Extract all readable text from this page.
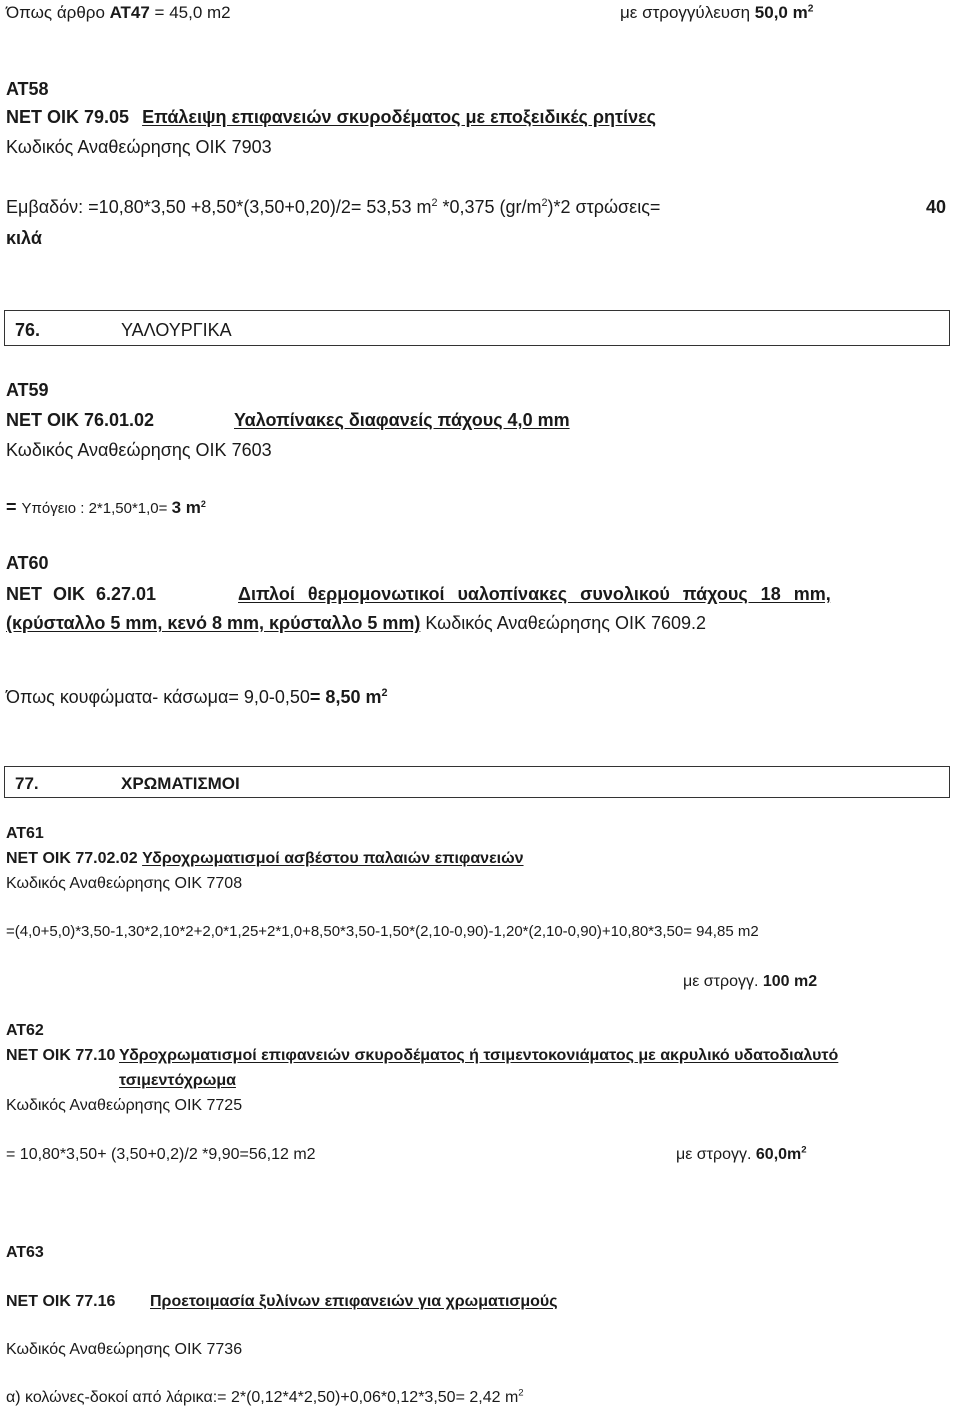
Όπως άρθρο ΑΤ47 = 45,0 m2	με στρογγύλευση 50,0 $m^2$
ΑΤ58
ΝΕΤ ΟΙΚ 79.05 Επάλειψη επιφανειών σκυροδέματος με εποξειδικές ρητίνες
Κωδικός Αναθεώρησης ΟΙΚ 7903
Εμβαδόν: =10,80*3,50 +8,50*(3,50+0,20)/2= 53,53 $m^2$ *0,375 $(gr/m^2)*2$ στρώσεις=	40
κιλά
76.	ΥΑΛΟΥΡΓΙΚΑ
ΑΤ59
ΝΕΤ ΟΙΚ 76.01.02	Υαλοπίνακες διαφανείς πάχους 4,0 mm
Κωδικός Αναθεώρησης ΟΙΚ 7603
= Υπόγειο : 2*1,50*1,0= 3 $m^2$
ΑΤ60
ΝΕΤ ΟΙΚ 6.27.01	Διπλοί θερμομονωτικοί υαλοπίνακες συνολικού πάχους 18 mm,
(κρύσταλλο 5 mm, κενό 8 mm, κρύσταλλο 5 mm) Κωδικός Αναθεώρησης ΟΙΚ 7609.2
Όπως κουφώματα- κάσωμα= 9,0-0,50= 8,50 $m^2$
77.	ΧΡΩΜΑΤΙΣΜΟΙ
ΑΤ61
ΝΕΤ ΟΙΚ 77.02.02 Υδροχρωματισμοί ασβέστου παλαιών επιφανειών
Κωδικός Αναθεώρησης ΟΙΚ 7708
=(4,0+5,0)*3,50-1,30*2,10*2+2,0*1,25+2*1,0+8,50*3,50-1,50*(2,10-0,90)-1,20*(2,10-0,90)+10,80*3,50= 94,85 m2
με στρογγ. 100 m2
ΑΤ62
ΝΕΤ ΟΙΚ 77.10 Υδροχρωματισμοί επιφανειών σκυροδέματος ή τσιμεντοκονιάματος με ακρυλικό υδατοδιαλυτό
τσιμεντόχρωμα
Κωδικός Αναθεώρησης ΟΙΚ 7725
= 10,80*3,50+ (3,50+0,2)/2 *9,90=56,12 m2	με στρογγ. $60,0m^2$
ΑΤ63
ΝΕΤ ΟΙΚ 77.16 Προετοιμασία ξυλίνων επιφανειών για χρωματισμούς
Κωδικός Αναθεώρησης ΟΙΚ 7736
α) κολώνες-δοκοί από λάρικα:= 2*(0,12*4*2,50)+0,06*0,12*3,50= 2,42 $m^2$
